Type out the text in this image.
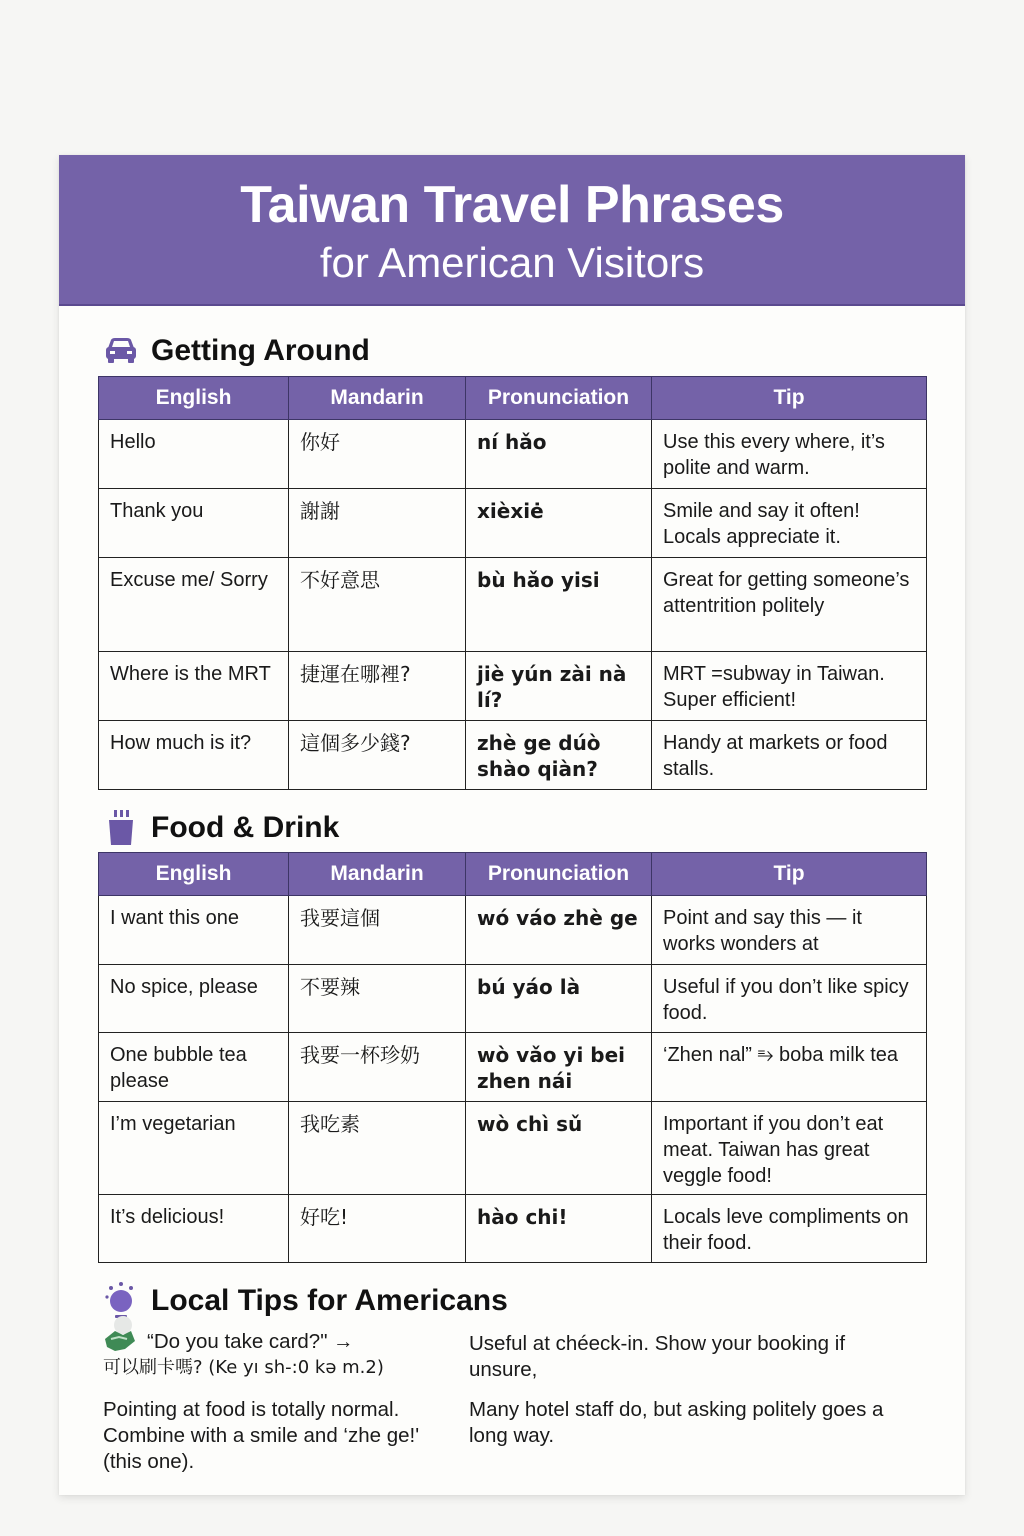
Taiwan Travel Phrases
for American Visitors
Getting Around
English	Mandarin	Pronunciation	Tip
Hello	你好	ní hǎo	Use this every where, it’s polite and warm.
Thank you	謝謝	xièxiė	Smile and say it often! Locals appreciate it.
Excuse me/ Sorry	不好意思	bù hǎo yisi	Great for getting someone’s attentrition politely
Where is the MRT	捷運在哪裡?	jiè yún zài nà lí?	MRT =subway in Taiwan. Super efficient!
How much is it?	這個多少錢?	zhè ge dúò shào qiàn?	Handy at markets or food stalls.
Food & Drink
English	Mandarin	Pronunciation	Tip
I want this one	我要這個	wó váo zhè ge	Point and say this — it works wonders at
No spice, please	不要辣	bú yáo là	Useful if you don’t like spicy food.
One bubble tea please	我要一杯珍奶	wò vǎo yi bei zhen nái	‘Zhen nal” ⥱ boba milk tea
I’m vegetarian	我吃素	wò chì sǔ	Important if you don’t eat meat. Taiwan has great veggle food!
It’s delicious!	好吃!	hào chi!	Locals leve compliments on their food.
Local Tips for Americans
“Do you take card?" →
可以刷卡嗎? (Ke yı sh-:0 kə m.2)
Useful at chéeck-in. Show your booking if unsure,
Pointing at food is totally normal. Combine with a smile and ‘zhe ge!' (this one).
Many hotel staff do, but asking politely goes a long way.
